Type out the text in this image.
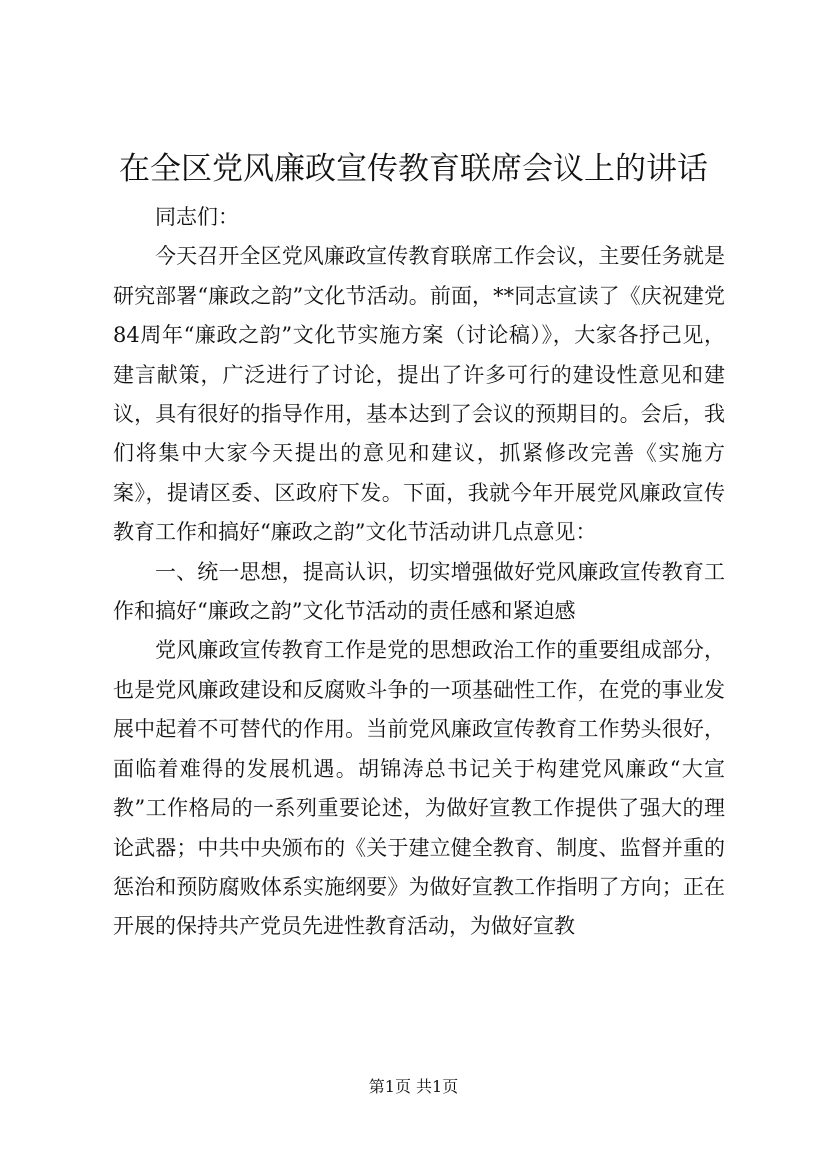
在全区党风廉政宣传教育联席会议上的讲话

同志们：

今天召开全区党风廉政宣传教育联席工作会议，主要任务就是研究部署“廉政之韵”文化节活动。前面，**同志宣读了《庆祝建党84周年“廉政之韵”文化节实施方案（讨论稿）》，大家各抒己见，建言献策，广泛进行了讨论，提出了许多可行的建设性意见和建议，具有很好的指导作用，基本达到了会议的预期目的。会后，我们将集中大家今天提出的意见和建议，抓紧修改完善《实施方案》，提请区委、区政府下发。下面，我就今年开展党风廉政宣传教育工作和搞好“廉政之韵”文化节活动讲几点意见：

一、统一思想，提高认识，切实增强做好党风廉政宣传教育工作和搞好“廉政之韵”文化节活动的责任感和紧迫感

党风廉政宣传教育工作是党的思想政治工作的重要组成部分，也是党风廉政建设和反腐败斗争的一项基础性工作，在党的事业发展中起着不可替代的作用。当前党风廉政宣传教育工作势头很好，面临着难得的发展机遇。胡锦涛总书记关于构建党风廉政“大宣教”工作格局的一系列重要论述，为做好宣教工作提供了强大的理论武器；中共中央颁布的《关于建立健全教育、制度、监督并重的惩治和预防腐败体系实施纲要》为做好宣教工作指明了方向；正在开展的保持共产党员先进性教育活动，为做好宣教

第1页 共1页
